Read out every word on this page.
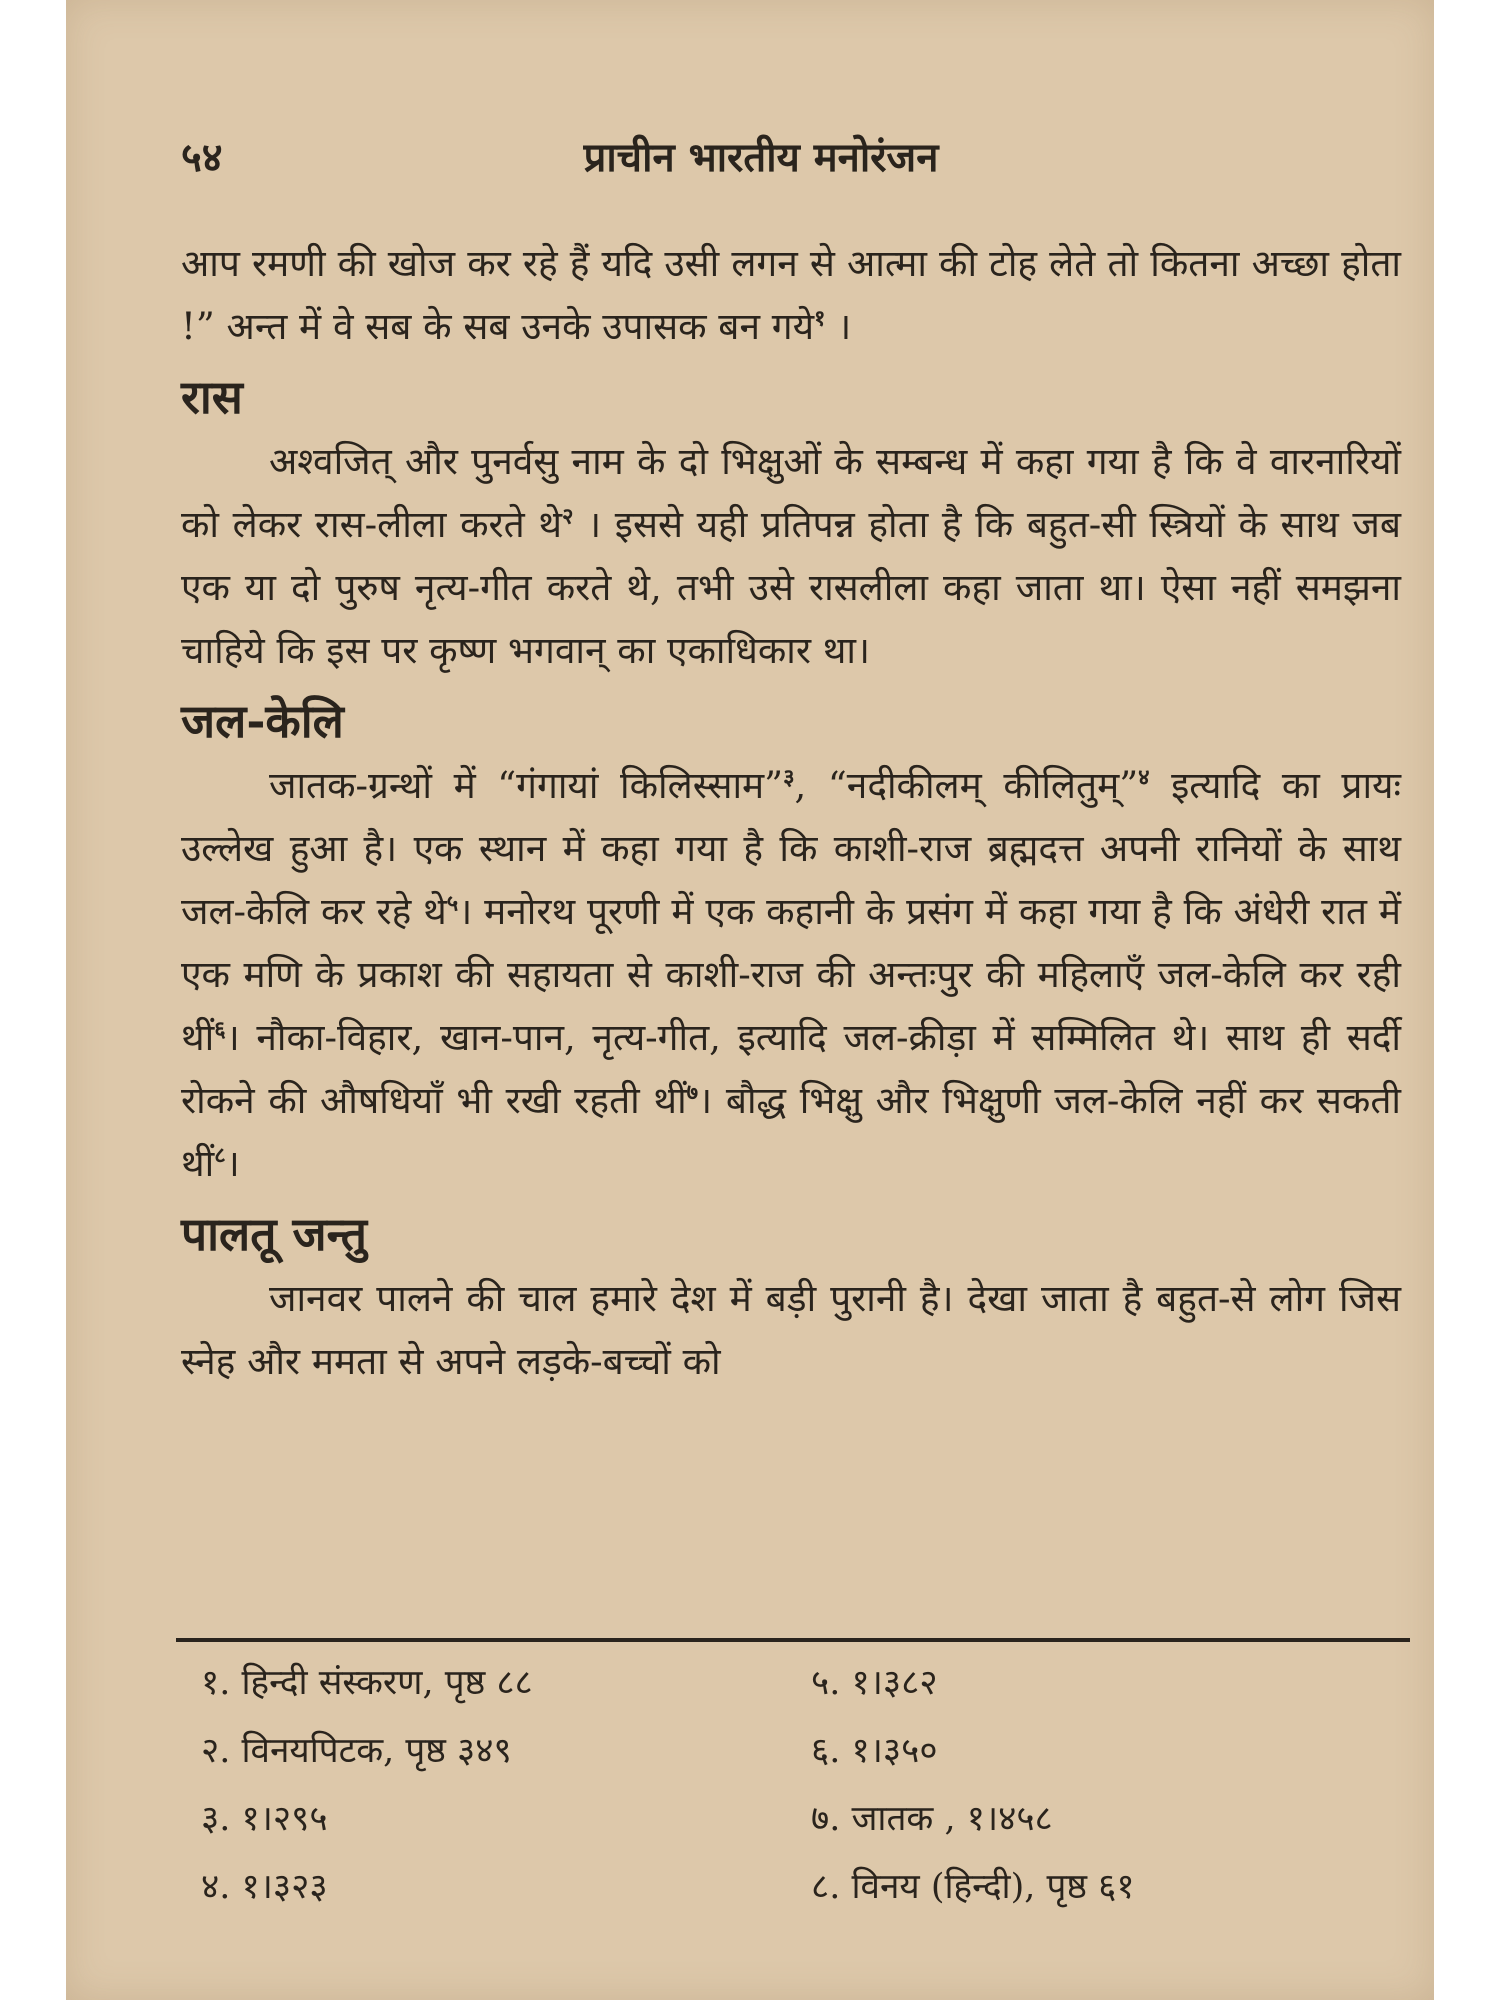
५४	प्राचीन भारतीय मनोरंजन

आप रमणी की खोज कर रहे हैं यदि उसी लगन से आत्मा की टोह लेते तो कितना अच्छा होता !” अन्त में वे सब के सब उनके उपासक बन गये$^१$ ।

रास

अश्वजित् और पुनर्वसु नाम के दो भिक्षुओं के सम्बन्ध में कहा गया है कि वे वारनारियों को लेकर रास-लीला करते थे$^२$ । इससे यही प्रतिपन्न होता है कि बहुत-सी स्त्रियों के साथ जब एक या दो पुरुष नृत्य-गीत करते थे, तभी उसे रासलीला कहा जाता था। ऐसा नहीं समझना चाहिये कि इस पर कृष्ण भगवान् का एकाधिकार था।

जल-केलि

जातक-ग्रन्थों में “गंगायां किलिस्साम”$^३$, “नदीकीलम् कीलितुम्”$^४$ इत्यादि का प्रायः उल्लेख हुआ है। एक स्थान में कहा गया है कि काशी-राज ब्रह्मदत्त अपनी रानियों के साथ जल-केलि कर रहे थे$^५$। मनोरथ पूरणी में एक कहानी के प्रसंग में कहा गया है कि अंधेरी रात में एक मणि के प्रकाश की सहायता से काशी-राज की अन्तःपुर की महिलाएँ जल-केलि कर रही थीं$^६$। नौका-विहार, खान-पान, नृत्य-गीत, इत्यादि जल-क्रीड़ा में सम्मिलित थे। साथ ही सर्दी रोकने की औषधियाँ भी रखी रहती थीं$^७$। बौद्ध भिक्षु और भिक्षुणी जल-केलि नहीं कर सकती थीं$^८$।

पालतू जन्तु

जानवर पालने की चाल हमारे देश में बड़ी पुरानी है। देखा जाता है बहुत-से लोग जिस स्नेह और ममता से अपने लड़के-बच्चों को

१. हिन्दी संस्करण, पृष्ठ ८८	५. १।३८२
२. विनयपिटक, पृष्ठ ३४९	६. १।३५०
३. १।२९५	७. जातक , १।४५८
४. १।३२३	८. विनय (हिन्दी), पृष्ठ ६१
